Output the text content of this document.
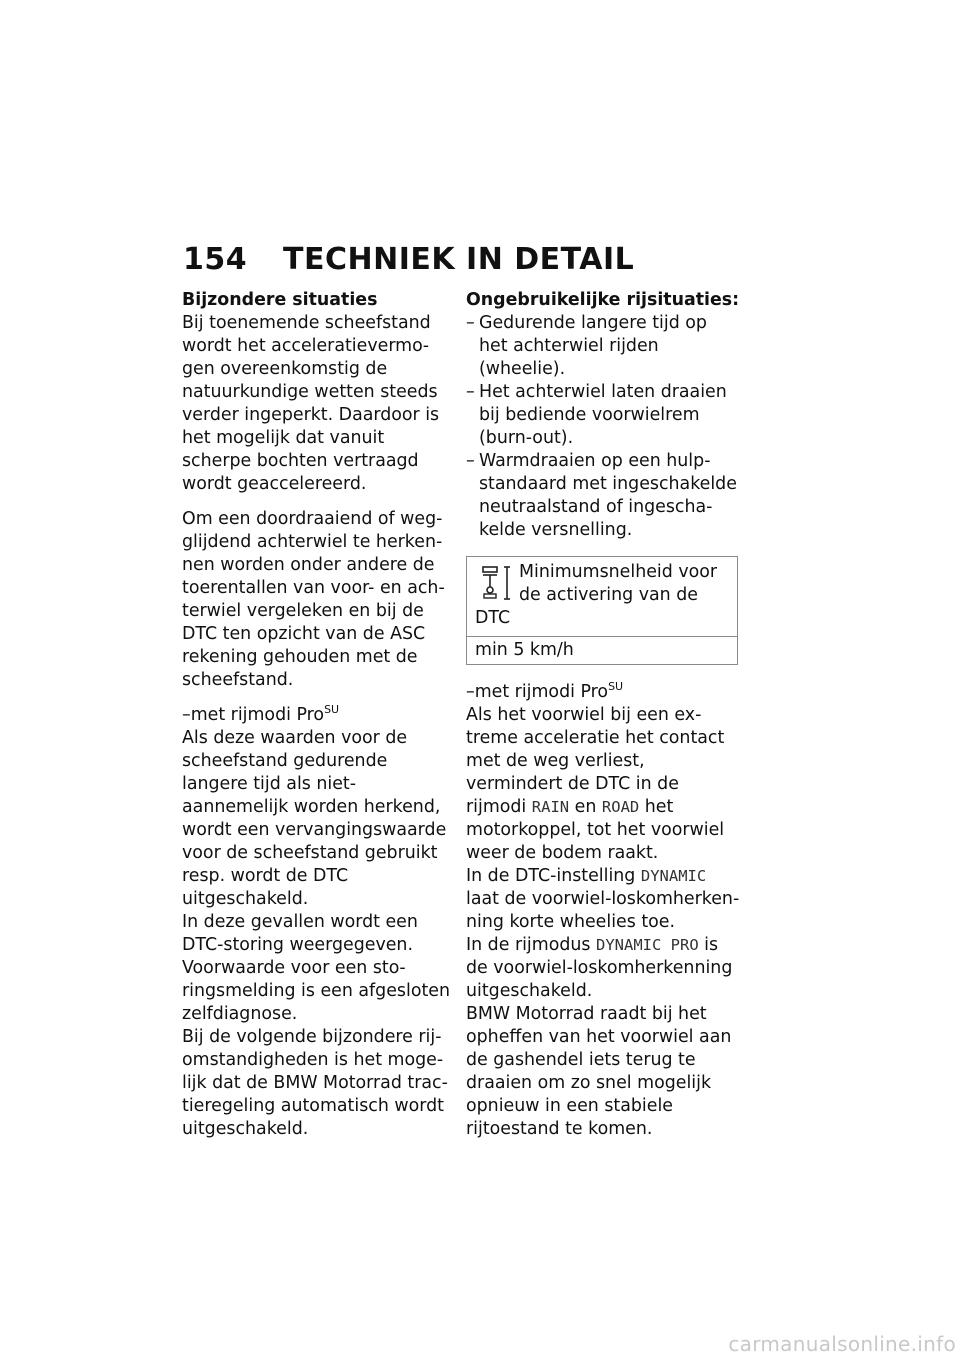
154 TECHNIEK IN DETAIL
Bijzondere situaties

Bij toenemende scheefstand wordt het acceleratievermogen overeenkomstig de natuurkundige wetten steeds verder ingeperkt. Daardoor is het mogelijk dat vanuit scherpe bochten vertraagd wordt geaccelereerd.

Om een doordraaiend of wegglijdend achterwiel te herkennen worden onder andere de toerentallen van voor- en achterwiel vergeleken en bij de DTC ten opzicht van de ASC rekening gehouden met de scheefstand.

–met rijmodi Pro$^{SU}$

Als deze waarden voor de scheefstand gedurende langere tijd als niet-aannemelijk worden herkend, wordt een vervangingswaarde voor de scheefstand gebruikt resp. wordt de DTC uitgeschakeld.

In deze gevallen wordt een DTC-storing weergegeven.

Voorwaarde voor een storingsmelding is een afgesloten zelfdiagnose.

Bij de volgende bijzondere rijomstandigheden is het mogelijk dat de BMW Motorrad tractieregeling automatisch wordt uitgeschakeld.

Ongebruikelijke rijsituaties:
– Gedurende langere tijd op het achterwiel rijden (wheelie).
– Het achterwiel laten draaien bij bediende voorwielrem (burn-out).
– Warmdraaien op een hulpstandaard met ingeschakelde neutraalstand of ingeschakelde versnelling.
Minimumsnelheid voor
de activering van de
DTC
min 5 km/h

–met rijmodi Pro$^{SU}$

Als het voorwiel bij een extreme acceleratie het contact met de weg verliest, vermindert de DTC in de rijmodi RAIN en ROAD het motorkoppel, tot het voorwiel weer de bodem raakt.

In de DTC-instelling DYNAMIC laat de voorwiel-loskomherkenning korte wheelies toe.

In de rijmodus DYNAMIC PRO is de voorwiel-loskomherkenning uitgeschakeld.

BMW Motorrad raadt bij het opheffen van het voorwiel aan de gashendel iets terug te draaien om zo snel mogelijk opnieuw in een stabiele rijtoestand te komen.

carmanualsonline.info
